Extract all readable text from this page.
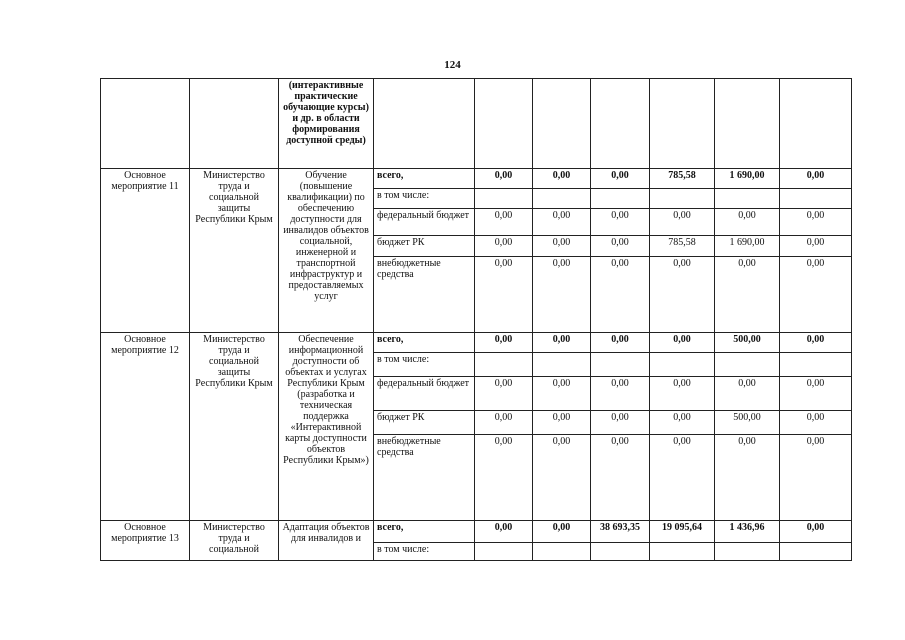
124
		(интерактивные практические обучающие курсы) и др. в области формирования доступной среды)							
Основное мероприятие 11	Министерство труда и социальной защиты Республики Крым	Обучение (повышение квалификации) по обеспечению доступности для инвалидов объектов социальной, инженерной и транспортной инфраструктур и предоставляемых услуг	всего,	0,00	0,00	0,00	785,58	1 690,00	0,00
			в том числе:						
			федеральный бюджет	0,00	0,00	0,00	0,00	0,00	0,00
			бюджет РК	0,00	0,00	0,00	785,58	1 690,00	0,00
			внебюджетные средства	0,00	0,00	0,00	0,00	0,00	0,00
Основное мероприятие 12	Министерство труда и социальной защиты Республики Крым	Обеспечение информационной доступности об объектах и услугах Республики Крым (разработка и техническая поддержка «Интерактивной карты доступности объектов Республики Крым»)	всего,	0,00	0,00	0,00	0,00	500,00	0,00
			в том числе:						
			федеральный бюджет	0,00	0,00	0,00	0,00	0,00	0,00
			бюджет РК	0,00	0,00	0,00	0,00	500,00	0,00
			внебюджетные средства	0,00	0,00	0,00	0,00	0,00	0,00
Основное мероприятие 13	Министерство труда и социальной	Адаптация объектов для инвалидов и	всего,	0,00	0,00	38 693,35	19 095,64	1 436,96	0,00
			в том числе:						
